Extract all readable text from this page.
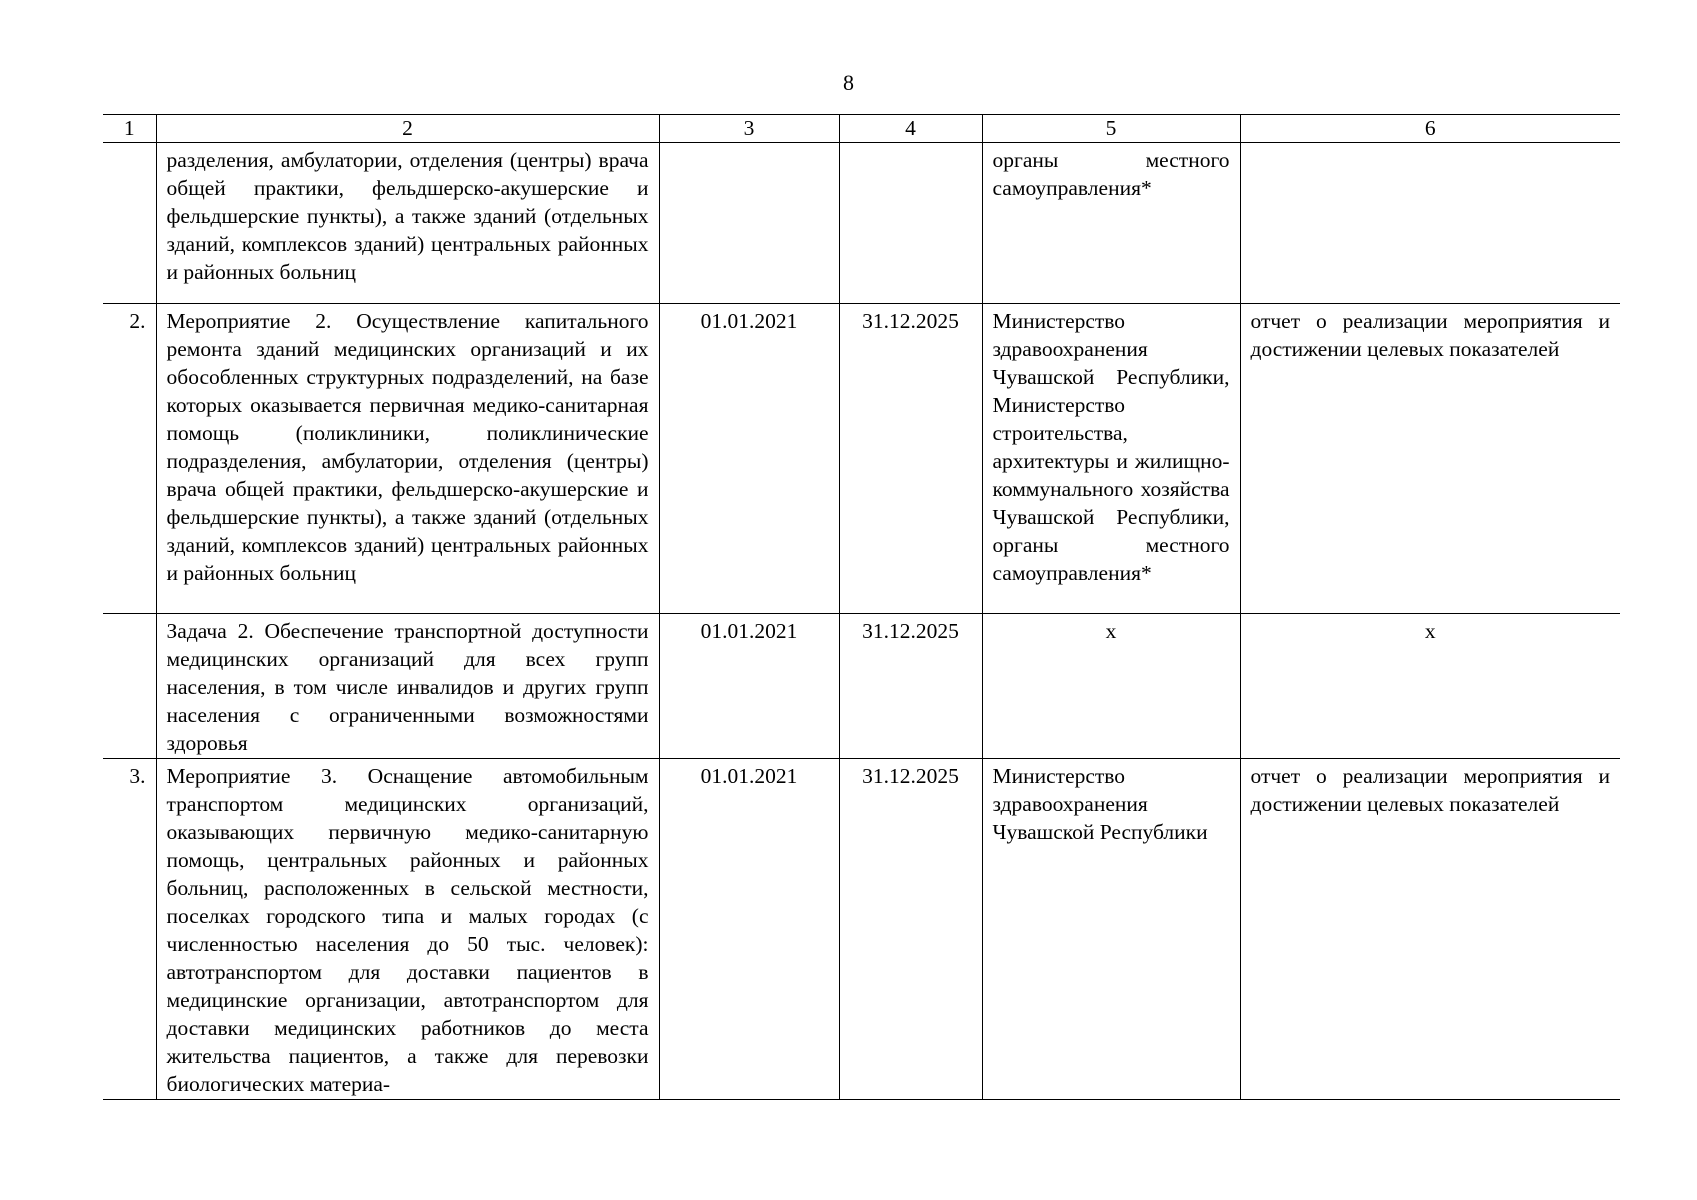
8
1	2	3	4	5	6
	разделения, амбулатории, отделения (центры) врача общей практики, фельдшерско-акушерские и фельдшерские пункты), а также зданий (отдельных зданий, комплексов зданий) центральных районных и районных больниц			органы местного самоуправления*	
2.	Мероприятие 2. Осуществление капитального ремонта зданий медицинских организаций и их обособленных структурных подразделений, на базе которых оказывается первичная медико-санитарная помощь (поликлиники, поликлинические подразделения, амбулатории, отделения (центры) врача общей практики, фельдшерско-акушерские и фельдшерские пункты), а также зданий (отдельных зданий, комплексов зданий) центральных районных и районных больниц	01.01.2021	31.12.2025	Министерство здравоохранения Чувашской Республики, Министерство строительства, архитектуры и жилищно-коммунального хозяйства Чувашской Республики, органы местного самоуправления*	отчет о реализации мероприятия и достижении целевых показателей
	Задача 2. Обеспечение транспортной доступности медицинских организаций для всех групп населения, в том числе инвалидов и других групп населения с ограниченными возможностями здоровья	01.01.2021	31.12.2025	х	х
3.	Мероприятие 3. Оснащение автомобильным транспортом медицинских организаций, оказывающих первичную медико-санитарную помощь, центральных районных и районных больниц, расположенных в сельской местности, поселках городского типа и малых городах (с численностью населения до 50 тыс. человек): автотранспортом для доставки пациентов в медицинские организации, автотранспортом для доставки медицинских работников до места жительства пациентов, а также для перевозки биологических материа-	01.01.2021	31.12.2025	Министерство здравоохранения Чувашской Республики	отчет о реализации мероприятия и достижении целевых показателей
